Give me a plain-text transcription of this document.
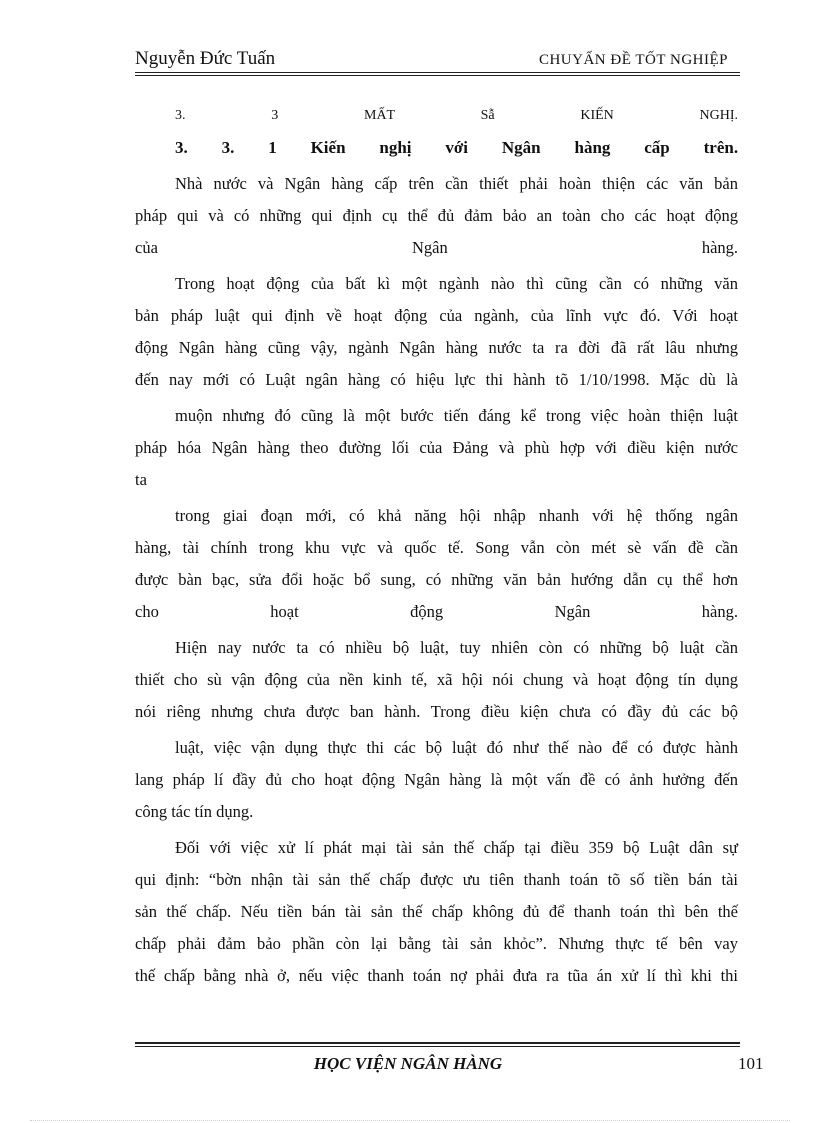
Nguyễn Đức Tuấn	CHUYẤN ĐỀ TỐT NGHIỆP
3.	3	MẤT	Sẫ	KIẾN	NGHỊ.
3. 3. 1 Kiến nghị với Ngân hàng cấp trên.
Nhà nước và Ngân hàng cấp trên cần thiết phải hoàn thiện các văn bản
pháp qui và có những qui định cụ thể đủ đảm bảo an toàn cho các hoạt động
của	Ngân	hàng.
Trong hoạt động của bất kì một ngành nào thì cũng cần có những văn
bản pháp luật qui định về hoạt động của ngành, của lĩnh vực đó. Với hoạt
động Ngân hàng cũng vậy, ngành Ngân hàng nước ta ra đời đã rất lâu nhưng
đến nay mới có Luật ngân hàng có hiệu lực thi hành tõ 1/10/1998. Mặc dù là
muộn nhưng đó cũng là một bước tiến đáng kể trong việc hoàn thiện luật
pháp hóa Ngân hàng theo đường lối của Đảng và phù hợp với điều kiện nước
ta
trong giai đoạn mới, có khả năng hội nhập nhanh với hệ thống ngân
hàng, tài chính trong khu vực và quốc tế. Song vẫn còn mét sè vấn đề cần
được bàn bạc, sửa đổi hoặc bổ sung, có những văn bản hướng dẫn cụ thể hơn
cho hoạt động Ngân hàng.
Hiện nay nước ta có nhiều bộ luật, tuy nhiên còn có những bộ luật cần
thiết cho sù vận động của nền kinh tế, xã hội nói chung và hoạt động tín dụng
nói riêng nhưng chưa được ban hành. Trong điều kiện chưa có đầy đủ các bộ
luật, việc vận dụng thực thi các bộ luật đó như thế nào để có được hành
lang pháp lí đầy đủ cho hoạt động Ngân hàng là một vấn đề có ảnh hưởng đến
công tác tín dụng.
Đối với việc xử lí phát mại tài sản thế chấp tại điều 359 bộ Luật dân sự
qui định: “bờn nhận tài sản thế chấp được ưu tiên thanh toán tõ số tiền bán tài
sản thế chấp. Nếu tiền bán tài sản thế chấp không đủ để thanh toán thì bên thế
chấp phải đảm bảo phần còn lại bằng tài sản khỏc”. Nhưng thực tế bên vay
thế chấp bằng nhà ở, nếu việc thanh toán nợ phải đưa ra tũa án xử lí thì khi thi
HỌC VIỆN NGÂN HÀNG	101
